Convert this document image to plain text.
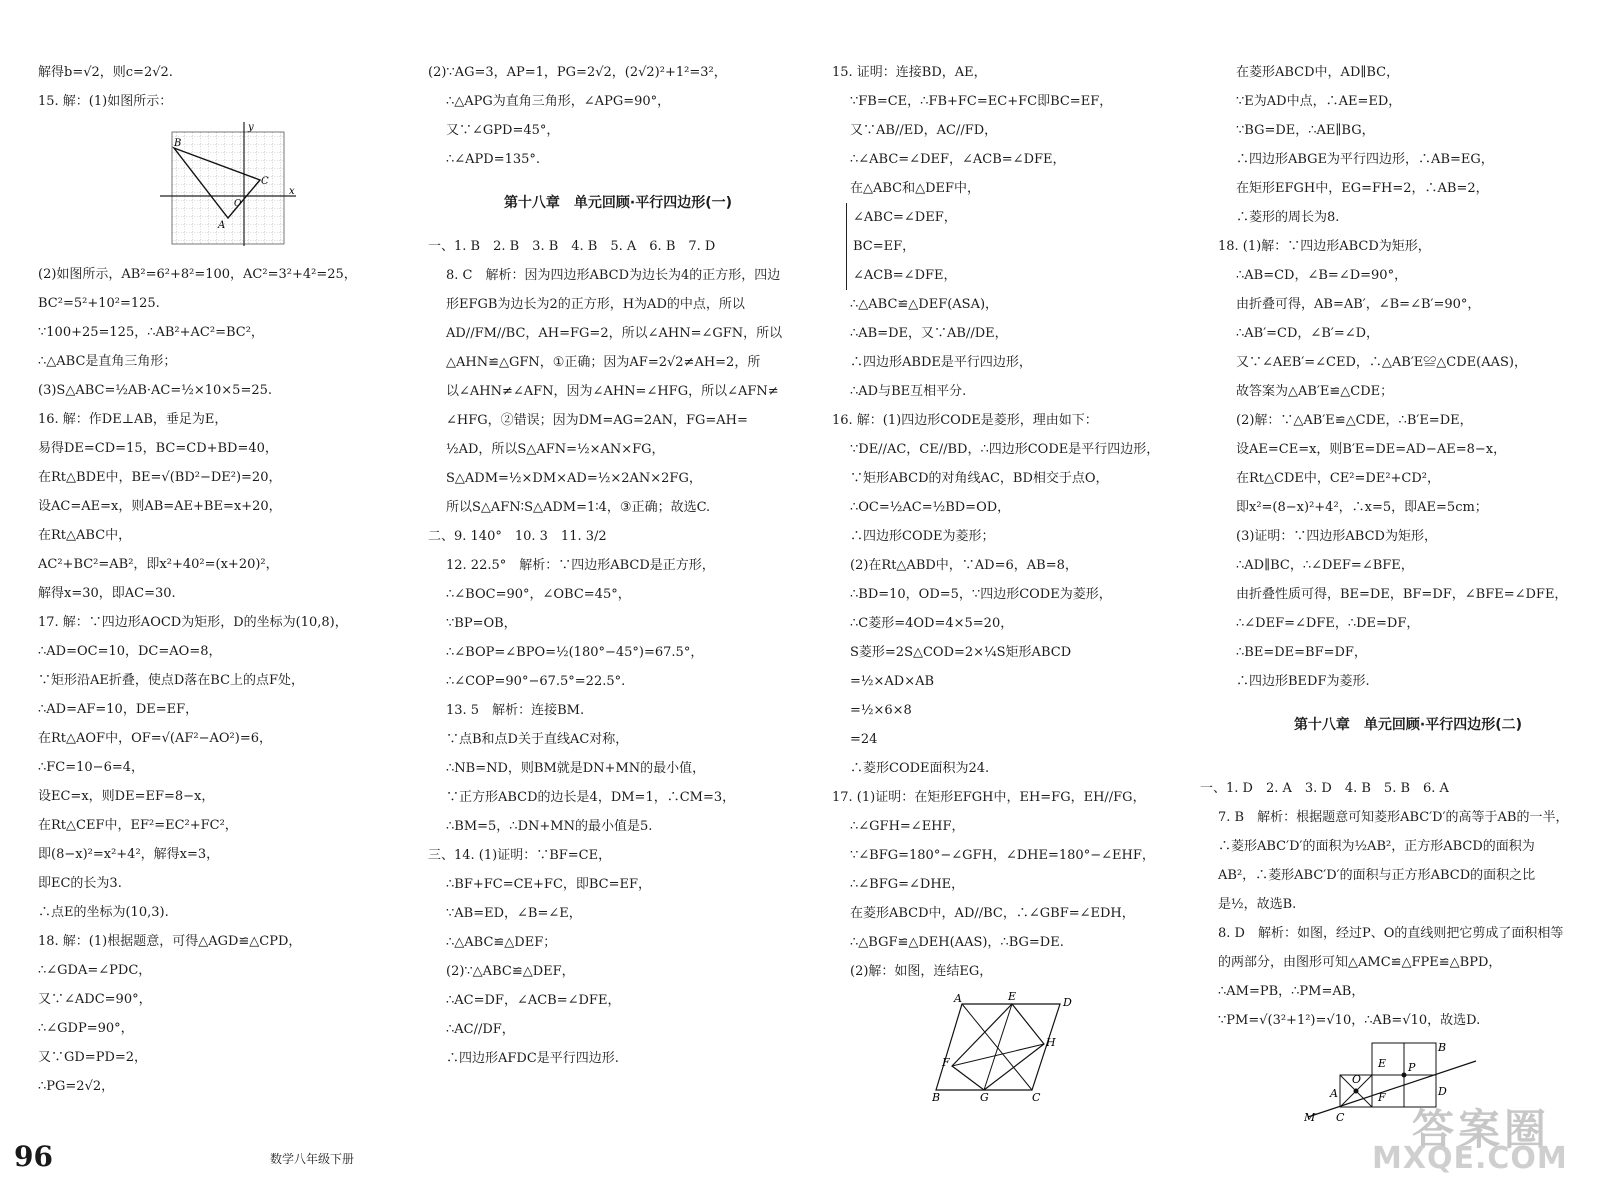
解得b=√2，则c=2√2.
15. 解：(1)如图所示：
y
x
B
C
A
O
(2)如图所示，AB²=6²+8²=100，AC²=3²+4²=25，
BC²=5²+10²=125.
∵100+25=125，∴AB²+AC²=BC²，
∴△ABC是直角三角形；
(3)S△ABC=½AB·AC=½×10×5=25.
16. 解：作DE⊥AB，垂足为E，
易得DE=CD=15，BC=CD+BD=40，
在Rt△BDE中，BE=√(BD²−DE²)=20，
设AC=AE=x，则AB=AE+BE=x+20，
在Rt△ABC中，
AC²+BC²=AB²，即x²+40²=(x+20)²，
解得x=30，即AC=30.
17. 解：∵四边形AOCD为矩形，D的坐标为(10,8)，
∴AD=OC=10，DC=AO=8，
∵矩形沿AE折叠，使点D落在BC上的点F处，
∴AD=AF=10，DE=EF，
在Rt△AOF中，OF=√(AF²−AO²)=6，
∴FC=10−6=4，
设EC=x，则DE=EF=8−x，
在Rt△CEF中，EF²=EC²+FC²，
即(8−x)²=x²+4²，解得x=3，
即EC的长为3.
∴点E的坐标为(10,3).
18. 解：(1)根据题意，可得△AGD≌△CPD，
∴∠GDA=∠PDC，
又∵∠ADC=90°，
∴∠GDP=90°，
又∵GD=PD=2，
∴PG=2√2，
(2)∵AG=3，AP=1，PG=2√2，(2√2)²+1²=3²，
∴△APG为直角三角形，∠APG=90°，
又∵∠GPD=45°，
∴∠APD=135°.
第十八章　单元回顾·平行四边形(一)
一、1. B　2. B　3. B　4. B　5. A　6. B　7. D
8. C　解析：因为四边形ABCD为边长为4的正方形，四边
形EFGB为边长为2的正方形，H为AD的中点，所以
AD//FM//BC，AH=FG=2，所以∠AHN=∠GFN，所以
△AHN≌△GFN，①正确；因为AF=2√2≠AH=2，所
以∠AHN≠∠AFN，因为∠AHN=∠HFG，所以∠AFN≠
∠HFG，②错误；因为DM=AG=2AN，FG=AH=
½AD，所以S△AFN=½×AN×FG，
S△ADM=½×DM×AD=½×2AN×2FG，
所以S△AFN∶S△ADM=1∶4，③正确；故选C.
二、9. 140°　10. 3　11. 3/2
12. 22.5°　解析：∵四边形ABCD是正方形，
∴∠BOC=90°，∠OBC=45°，
∵BP=OB，
∴∠BOP=∠BPO=½(180°−45°)=67.5°，
∴∠COP=90°−67.5°=22.5°.
13. 5　解析：连接BM.
∵点B和点D关于直线AC对称，
∴NB=ND，则BM就是DN+MN的最小值，
∵正方形ABCD的边长是4，DM=1，∴CM=3，
∴BM=5，∴DN+MN的最小值是5.
三、14. (1)证明：∵BF=CE，
∴BF+FC=CE+FC，即BC=EF，
∵AB=ED，∠B=∠E，
∴△ABC≌△DEF；
(2)∵△ABC≌△DEF，
∴AC=DF，∠ACB=∠DFE，
∴AC//DF，
∴四边形AFDC是平行四边形.
15. 证明：连接BD，AE，
∵FB=CE，∴FB+FC=EC+FC即BC=EF，
又∵AB//ED，AC//FD，
∴∠ABC=∠DEF，∠ACB=∠DFE，
在△ABC和△DEF中，
∠ABC=∠DEF，
BC=EF，
∠ACB=∠DFE，
∴△ABC≌△DEF(ASA)，
∴AB=DE，又∵AB//DE，
∴四边形ABDE是平行四边形，
∴AD与BE互相平分.
16. 解：(1)四边形CODE是菱形，理由如下：
∵DE//AC，CE//BD，∴四边形CODE是平行四边形，
∵矩形ABCD的对角线AC，BD相交于点O，
∴OC=½AC=½BD=OD，
∴四边形CODE为菱形；
(2)在Rt△ABD中，∵AD=6，AB=8，
∴BD=10，OD=5，∵四边形CODE为菱形，
∴C菱形=4OD=4×5=20，
S菱形=2S△COD=2×¼S矩形ABCD
=½×AD×AB
=½×6×8
=24
∴菱形CODE面积为24.
17. (1)证明：在矩形EFGH中，EH=FG，EH//FG，
∴∠GFH=∠EHF，
∵∠BFG=180°−∠GFH，∠DHE=180°−∠EHF，
∴∠BFG=∠DHE，
在菱形ABCD中，AD//BC，∴∠GBF=∠EDH，
∴△BGF≌△DEH(AAS)，∴BG=DE.
(2)解：如图，连结EG，
A	E	D
H
F
B	G	C
在菱形ABCD中，AD∥BC，
∵E为AD中点，∴AE=ED，
∵BG=DE，∴AE∥BG，
∴四边形ABGE为平行四边形，∴AB=EG，
在矩形EFGH中，EG=FH=2，∴AB=2，
∴菱形的周长为8.
18. (1)解：∵四边形ABCD为矩形，
∴AB=CD，∠B=∠D=90°，
由折叠可得，AB=AB′，∠B=∠B′=90°，
∴AB′=CD，∠B′=∠D，
又∵∠AEB′=∠CED，∴△AB′E≌△CDE(AAS)，
故答案为△AB′E≌△CDE；
(2)解：∵△AB′E≌△CDE，∴B′E=DE，
设AE=CE=x，则B′E=DE=AD−AE=8−x，
在Rt△CDE中，CE²=DE²+CD²，
即x²=(8−x)²+4²，∴x=5，即AE=5cm；
(3)证明：∵四边形ABCD为矩形，
∴AD∥BC，∴∠DEF=∠BFE，
由折叠性质可得，BE=DE，BF=DF，∠BFE=∠DFE，
∴∠DEF=∠DFE，∴DE=DF，
∴BE=DE=BF=DF，
∴四边形BEDF为菱形.
第十八章　单元回顾·平行四边形(二)
一、1. D　2. A　3. D　4. B　5. B　6. A
7. B　解析：根据题意可知菱形ABC′D′的高等于AB的一半，
∴菱形ABC′D′的面积为½AB²，正方形ABCD的面积为
AB²，∴菱形ABC′D′的面积与正方形ABCD的面积之比
是½，故选B.
8. D　解析：如图，经过P、O的直线则把它剪成了面积相等
的两部分，由图形可知△AMC≌△FPE≌△BPD，
∴AM=PB，∴PM=AB，
∵PM=√(3²+1²)=√10，∴AB=√10，故选D.
B
E P
D
O
A	F
M C
96	数学八年级下册
答案圈
MXQE.COM
